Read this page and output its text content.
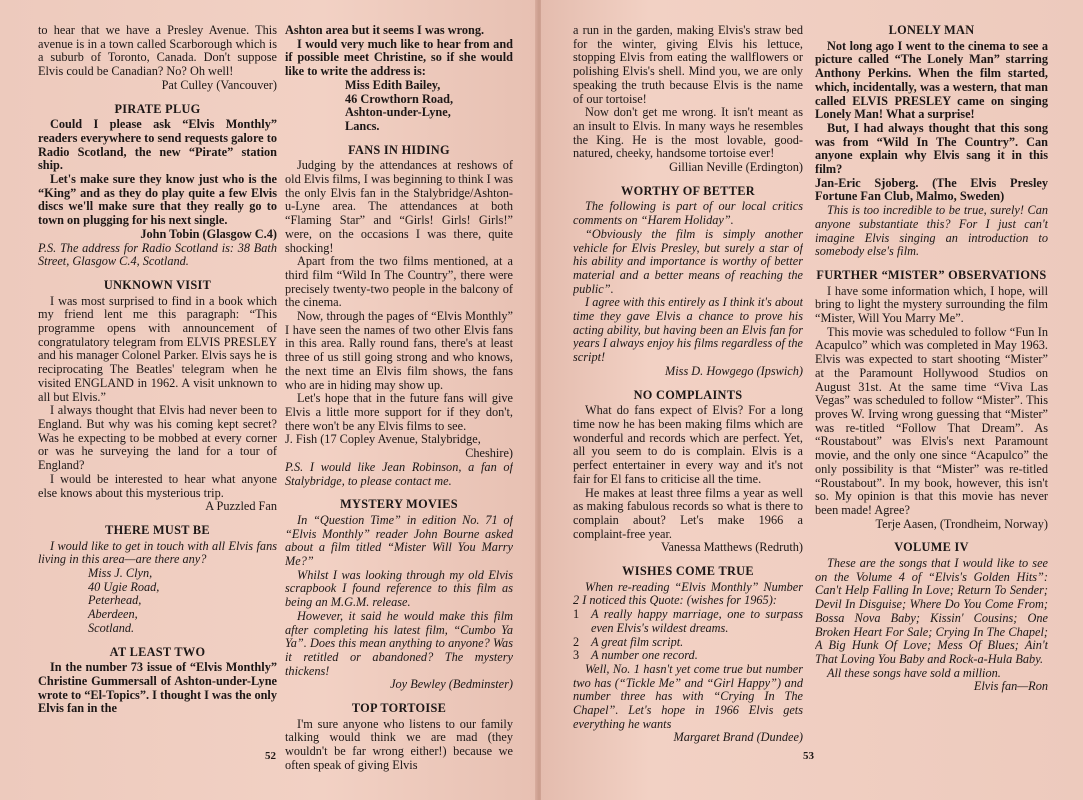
to hear that we have a Presley Avenue. This avenue is in a town called Scarborough which is a suburb of Toronto, Canada. Don't suppose Elvis could be Canadian? No? Oh well!

Pat Culley (Vancouver)

PIRATE PLUG

Could I please ask “Elvis Monthly” readers everywhere to send requests galore to Radio Scotland, the new “Pirate” station ship.

Let's make sure they know just who is the “King” and as they do play quite a few Elvis discs we'll make sure that they really go to town on plugging for his next single.

John Tobin (Glasgow C.4)

P.S. The address for Radio Scotland is: 38 Bath Street, Glasgow C.4, Scotland.

UNKNOWN VISIT

I was most surprised to find in a book which my friend lent me this paragraph: “This programme opens with announcement of congratulatory telegram from ELVIS PRESLEY and his manager Colonel Parker. Elvis says he is reciprocating The Beatles' telegram when he visited ENGLAND in 1962. A visit unknown to all but Elvis.”

I always thought that Elvis had never been to England. But why was his coming kept secret? Was he expecting to be mobbed at every corner or was he surveying the land for a tour of England?

I would be interested to hear what anyone else knows about this mysterious trip.

A Puzzled Fan

THERE MUST BE

I would like to get in touch with all Elvis fans living in this area—are there any?

Miss J. Clyn,

40 Ugie Road,

Peterhead,

Aberdeen,

Scotland.

AT LEAST TWO

In the number 73 issue of “Elvis Monthly” Christine Gummersall of Ashton-under-Lyne wrote to “El-Topics”. I thought I was the only Elvis fan in the

Ashton area but it seems I was wrong.

I would very much like to hear from and if possible meet Christine, so if she would like to write the address is:

Miss Edith Bailey,

46 Crowthorn Road,

Ashton-under-Lyne,

Lancs.

FANS IN HIDING

Judging by the attendances at reshows of old Elvis films, I was beginning to think I was the only Elvis fan in the Stalybridge/Ashton-u-Lyne area. The attendances at both “Flaming Star” and “Girls! Girls! Girls!” were, on the occasions I was there, quite shocking!

Apart from the two films mentioned, at a third film “Wild In The Country”, there were precisely twenty-two people in the balcony of the cinema.

Now, through the pages of “Elvis Monthly” I have seen the names of two other Elvis fans in this area. Rally round fans, there's at least three of us still going strong and who knows, the next time an Elvis film shows, the fans who are in hiding may show up.

Let's hope that in the future fans will give Elvis a little more support for if they don't, there won't be any Elvis films to see.

J. Fish (17 Copley Avenue, Stalybridge,

Cheshire)

P.S. I would like Jean Robinson, a fan of Stalybridge, to please contact me.

MYSTERY MOVIES

In “Question Time” in edition No. 71 of “Elvis Monthly” reader John Bourne asked about a film titled “Mister Will You Marry Me?”

Whilst I was looking through my old Elvis scrapbook I found reference to this film as being an M.G.M. release.

However, it said he would make this film after completing his latest film, “Cumbo Ya Ya”. Does this mean anything to anyone? Was it retitled or abandoned? The mystery thickens!

Joy Bewley (Bedminster)

TOP TORTOISE

I'm sure anyone who listens to our family talking would think we are mad (they wouldn't be far wrong either!) because we often speak of giving Elvis

52

a run in the garden, making Elvis's straw bed for the winter, giving Elvis his lettuce, stopping Elvis from eating the wallflowers or polishing Elvis's shell. Mind you, we are only speaking the truth because Elvis is the name of our tortoise!

Now don't get me wrong. It isn't meant as an insult to Elvis. In many ways he resembles the King. He is the most lovable, good-natured, cheeky, handsome tortoise ever!

Gillian Neville (Erdington)

WORTHY OF BETTER

The following is part of our local critics comments on “Harem Holiday”.

“Obviously the film is simply another vehicle for Elvis Presley, but surely a star of his ability and importance is worthy of better material and a better means of reaching the public”.

I agree with this entirely as I think it's about time they gave Elvis a chance to prove his acting ability, but having been an Elvis fan for years I always enjoy his films regardless of the script!

Miss D. Howgego (Ipswich)

NO COMPLAINTS

What do fans expect of Elvis? For a long time now he has been making films which are wonderful and records which are perfect. Yet, all you seem to do is complain. Elvis is a perfect entertainer in every way and it's not fair for El fans to criticise all the time.

He makes at least three films a year as well as making fabulous records so what is there to complain about? Let's make 1966 a complaint-free year.

Vanessa Matthews (Redruth)

WISHES COME TRUE

When re-reading “Elvis Monthly” Number 2 I noticed this Quote: (wishes for 1965):

1 A really happy marriage, one to surpass even Elvis's wildest dreams.

2 A great film script.

3 A number one record.

Well, No. 1 hasn't yet come true but number two has (“Tickle Me” and “Girl Happy”) and number three has with “Crying In The Chapel”. Let's hope in 1966 Elvis gets everything he wants

Margaret Brand (Dundee)

LONELY MAN

Not long ago I went to the cinema to see a picture called “The Lonely Man” starring Anthony Perkins. When the film started, which, incidentally, was a western, that man called ELVIS PRESLEY came on singing Lonely Man! What a surprise!

But, I had always thought that this song was from “Wild In The Country”. Can anyone explain why Elvis sang it in this film?

Jan-Eric Sjoberg. (The Elvis Presley Fortune Fan Club, Malmo, Sweden)

This is too incredible to be true, surely! Can anyone substantiate this? For I just can't imagine Elvis singing an introduction to somebody else's film.

FURTHER “MISTER” OBSERVATIONS

I have some information which, I hope, will bring to light the mystery surrounding the film “Mister, Will You Marry Me”.

This movie was scheduled to follow “Fun In Acapulco” which was completed in May 1963. Elvis was expected to start shooting “Mister” at the Paramount Hollywood Studios on August 31st. At the same time “Viva Las Vegas” was scheduled to follow “Mister”. This proves W. Irving wrong guessing that “Mister” was re-titled “Follow That Dream”. As “Roustabout” was Elvis's next Paramount movie, and the only one since “Acapulco” the only possibility is that “Mister” was re-titled “Roustabout”. In my book, however, this isn't so. My opinion is that this movie has never been made! Agree?

Terje Aasen, (Trondheim, Norway)

VOLUME IV

These are the songs that I would like to see on the Volume 4 of “Elvis's Golden Hits”: Can't Help Falling In Love; Return To Sender; Devil In Disguise; Where Do You Come From; Bossa Nova Baby; Kissin' Cousins; One Broken Heart For Sale; Crying In The Chapel; A Big Hunk Of Love; Mess Of Blues; Ain't That Loving You Baby and Rock-a-Hula Baby.

All these songs have sold a million.

Elvis fan—Ron

53
